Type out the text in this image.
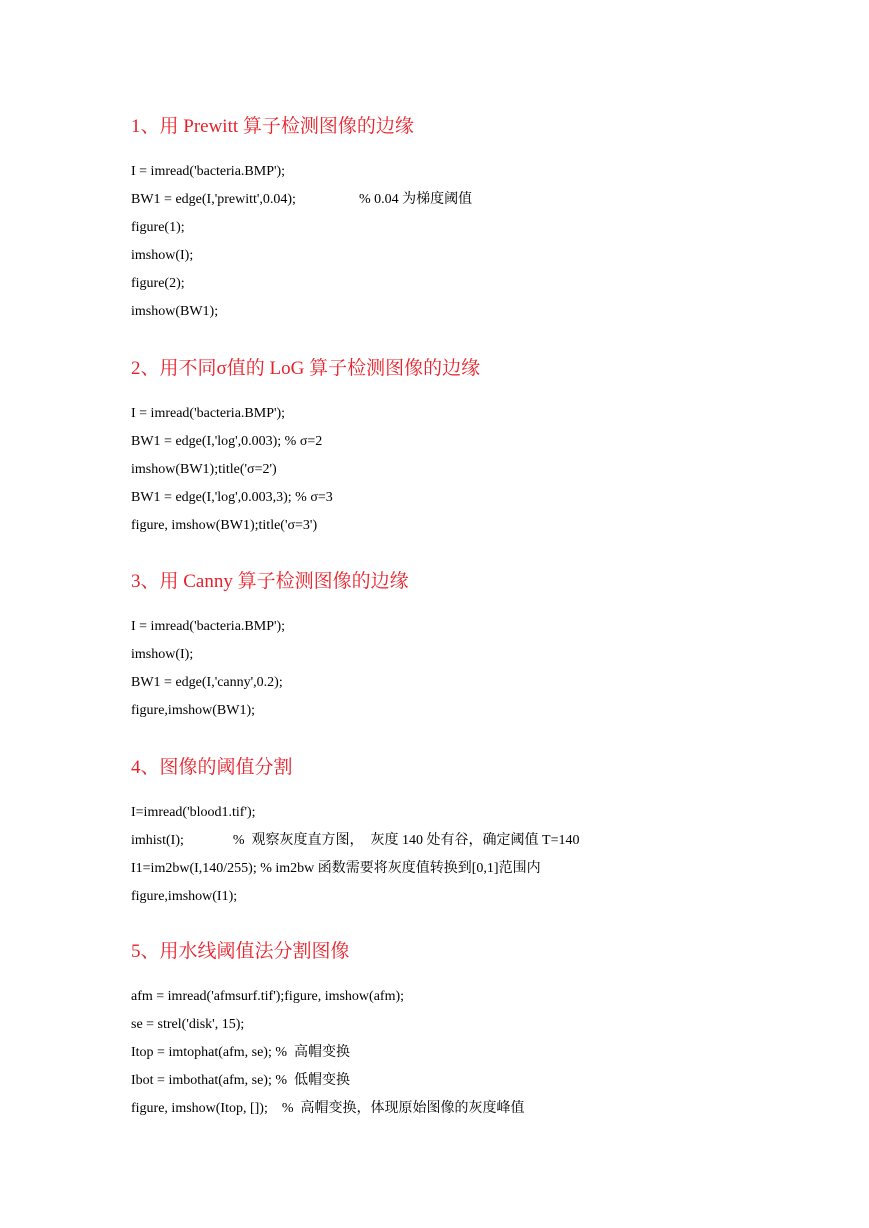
1、用 Prewitt 算子检测图像的边缘
I = imread('bacteria.BMP');
BW1 = edge(I,'prewitt',0.04);                  % 0.04 为梯度阈值
figure(1);
imshow(I);
figure(2);
imshow(BW1);
2、用不同σ值的 LoG 算子检测图像的边缘
I = imread('bacteria.BMP');
BW1 = edge(I,'log',0.003); % σ=2
imshow(BW1);title('σ=2')
BW1 = edge(I,'log',0.003,3); % σ=3
figure, imshow(BW1);title('σ=3')
3、用 Canny 算子检测图像的边缘
I = imread('bacteria.BMP');
imshow(I);
BW1 = edge(I,'canny',0.2);
figure,imshow(BW1);
4、图像的阈值分割
I=imread('blood1.tif');
imhist(I);              %  观察灰度直方图，  灰度 140 处有谷，确定阈值 T=140
I1=im2bw(I,140/255); % im2bw 函数需要将灰度值转换到[0,1]范围内
figure,imshow(I1);
5、用水线阈值法分割图像
afm = imread('afmsurf.tif');figure, imshow(afm);
se = strel('disk', 15);
Itop = imtophat(afm, se); %  高帽变换
Ibot = imbothat(afm, se); %  低帽变换
figure, imshow(Itop, []);    %  高帽变换，体现原始图像的灰度峰值
